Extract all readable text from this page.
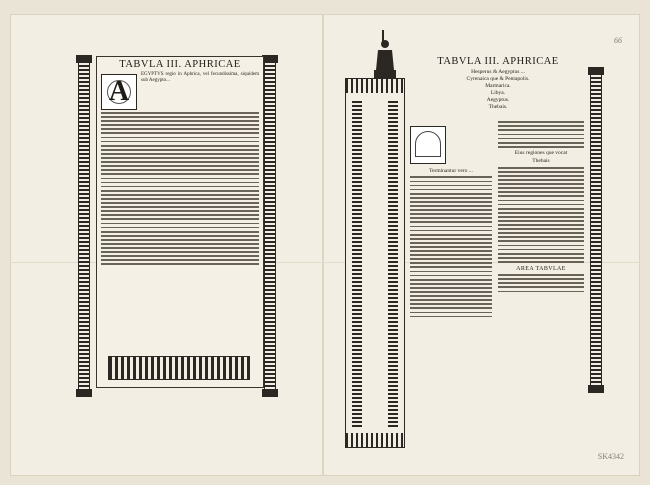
66
SK4342
TABVLA III. APHRICAE
A
EGYPTVS regio in Aphrica, vel fecundissima, siquidem sub Aegypto...
TABVLA III. APHRICAE
Hesperus & Aegyptus ...
Cyrenaica que & Pentapolis.
Marmarica.
Libya.
Aegyptus.
Thebais.
Terminantur vero ...
Eius regiones que vocat
Thebais
AREA TABVLAE
